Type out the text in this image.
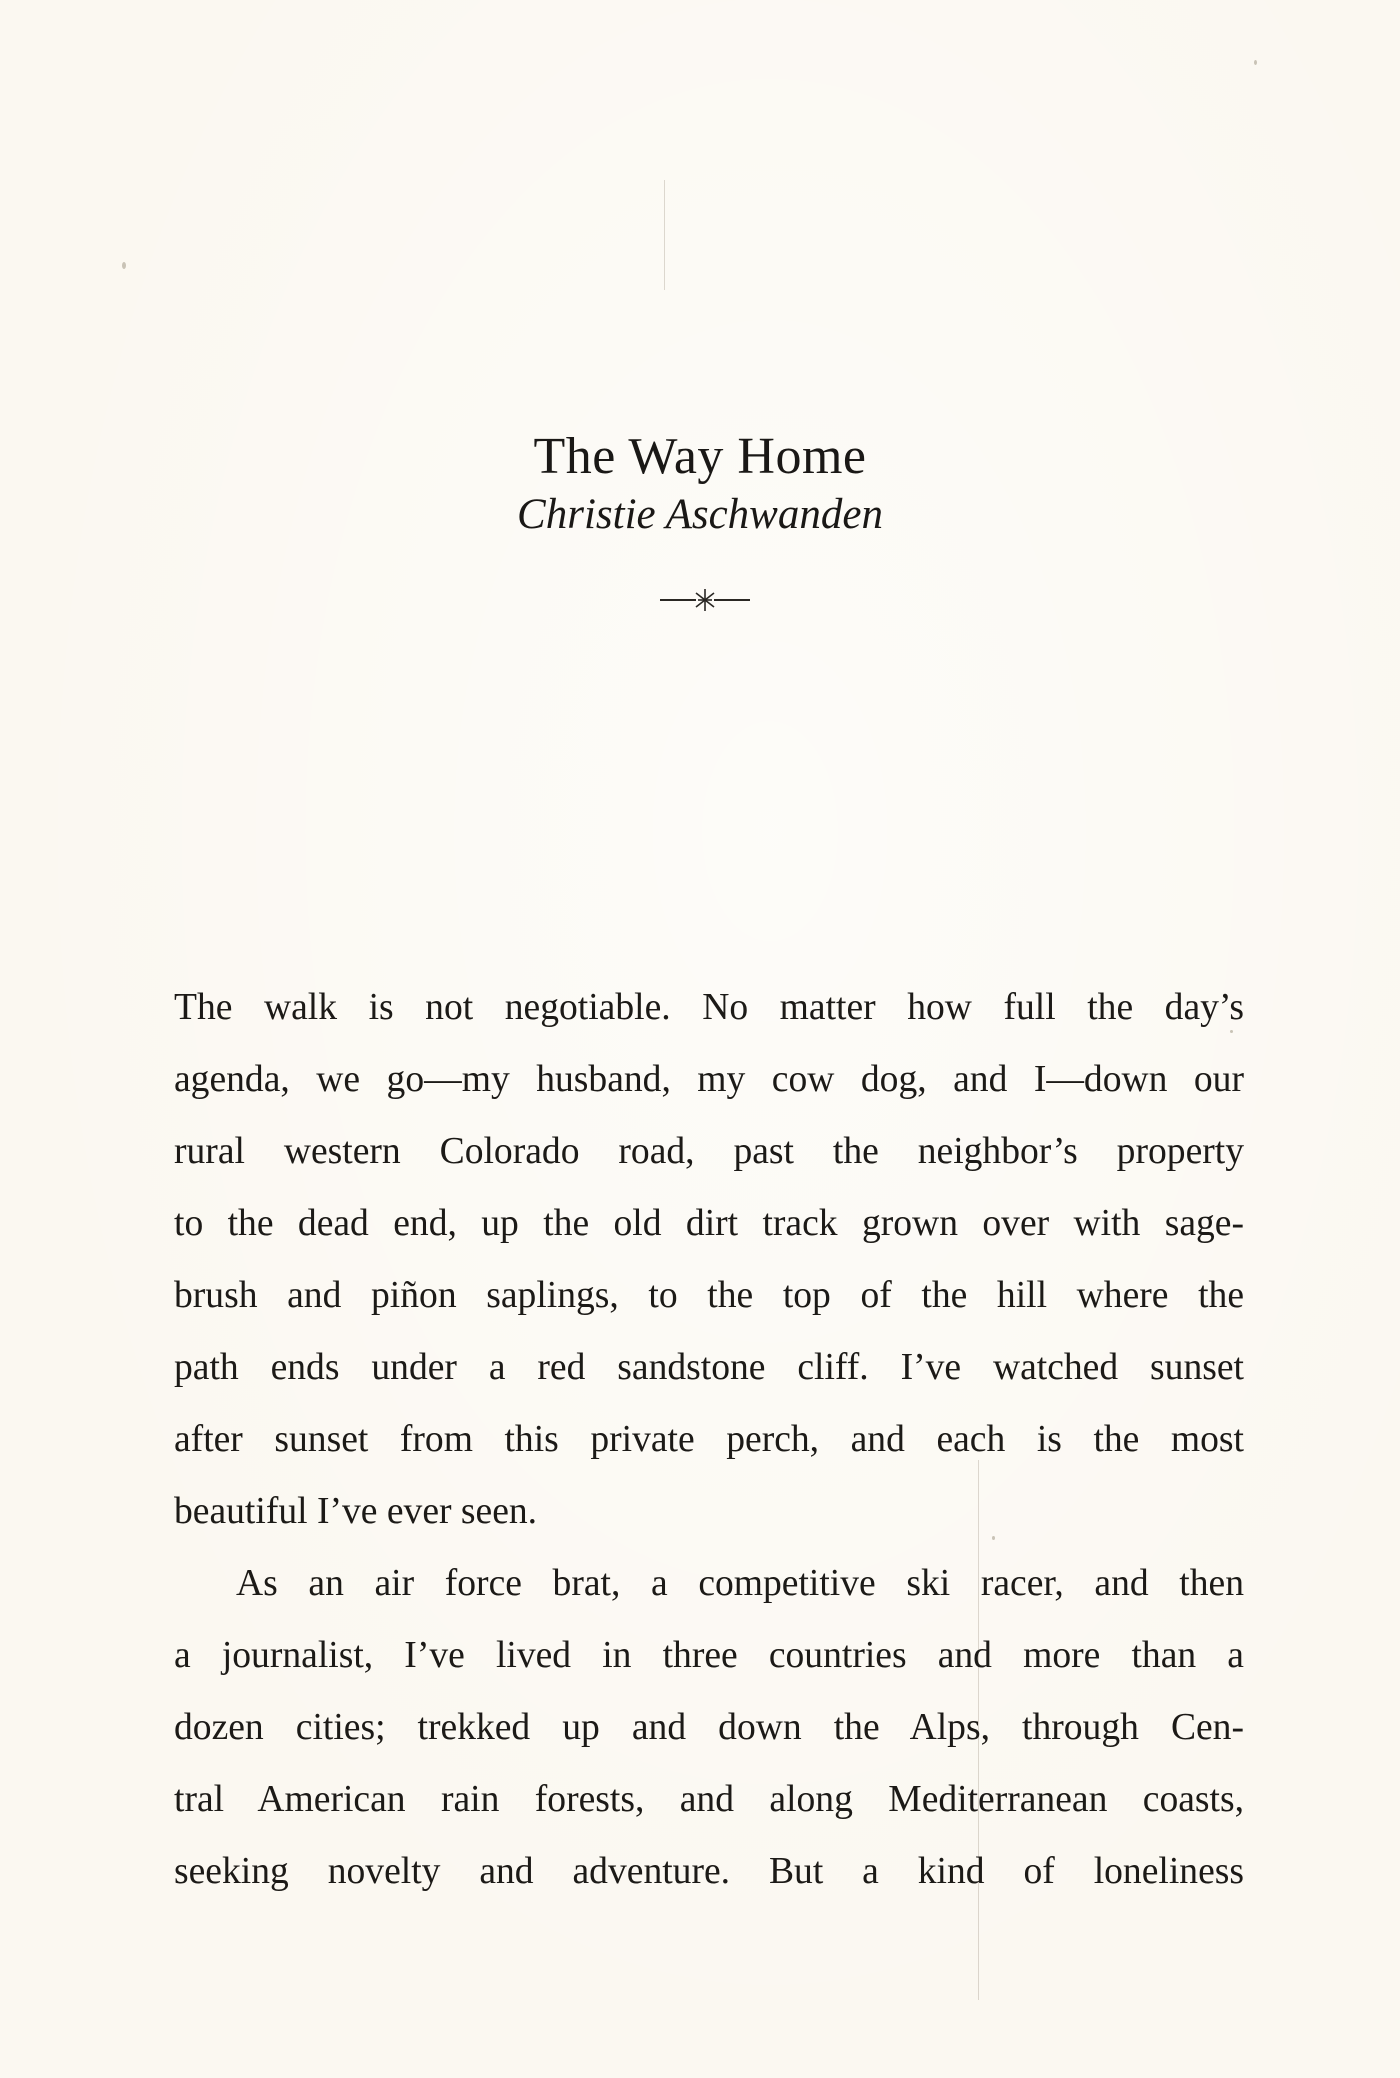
The Way Home
Christie Aschwanden
The walk is not negotiable. No matter how full the day’s
agenda, we go—my husband, my cow dog, and I—down our
rural western Colorado road, past the neighbor’s property
to the dead end, up the old dirt track grown over with sage-
brush and piñon saplings, to the top of the hill where the
path ends under a red sandstone cliff. I’ve watched sunset
after sunset from this private perch, and each is the most
beautiful I’ve ever seen.
As an air force brat, a competitive ski racer, and then
a journalist, I’ve lived in three countries and more than a
dozen cities; trekked up and down the Alps, through Cen-
tral American rain forests, and along Mediterranean coasts,
seeking novelty and adventure. But a kind of loneliness
